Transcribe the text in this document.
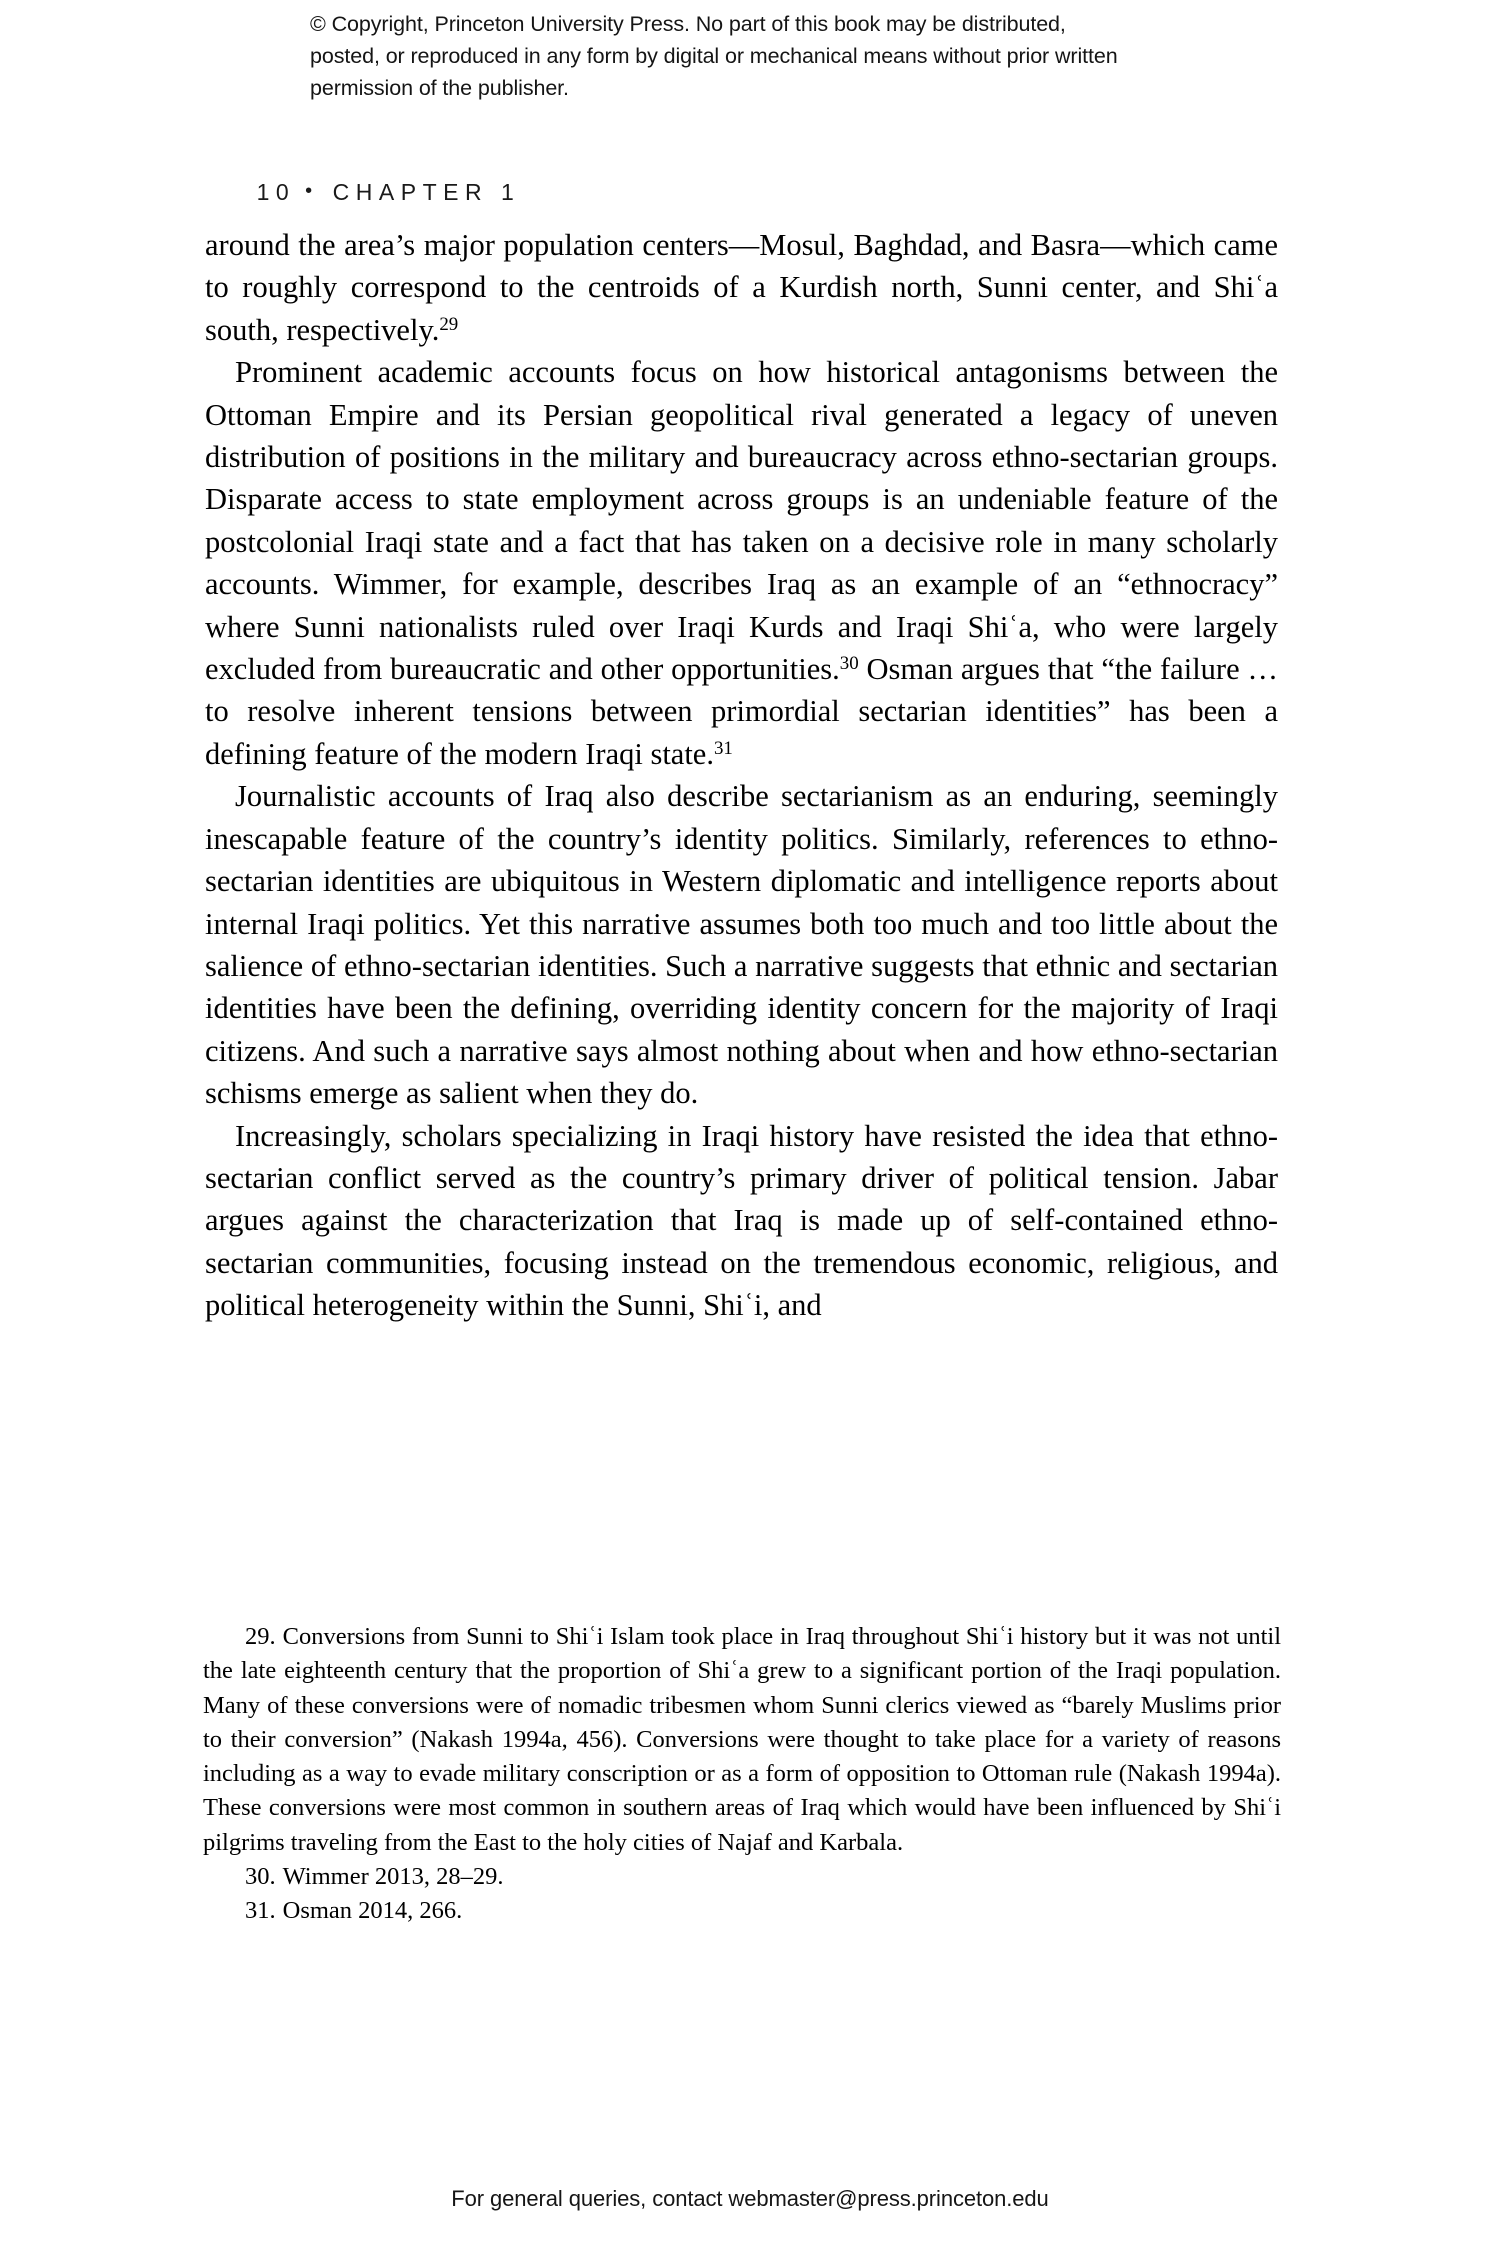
© Copyright, Princeton University Press. No part of this book may be distributed, posted, or reproduced in any form by digital or mechanical means without prior written permission of the publisher.

10 • CHAPTER 1

around the area’s major population centers—Mosul, Baghdad, and Basra—which came to roughly correspond to the centroids of a Kurdish north, Sunni center, and Shiʿa south, respectively.$^{29}$

Prominent academic accounts focus on how historical antagonisms between the Ottoman Empire and its Persian geopolitical rival generated a legacy of uneven distribution of positions in the military and bureaucracy across ethno-sectarian groups. Disparate access to state employment across groups is an undeniable feature of the postcolonial Iraqi state and a fact that has taken on a decisive role in many scholarly accounts. Wimmer, for example, describes Iraq as an example of an “ethnocracy” where Sunni nationalists ruled over Iraqi Kurds and Iraqi Shiʿa, who were largely excluded from bureaucratic and other opportunities.$^{30}$ Osman argues that “the failure … to resolve inherent tensions between primordial sectarian identities” has been a defining feature of the modern Iraqi state.$^{31}$

Journalistic accounts of Iraq also describe sectarianism as an enduring, seemingly inescapable feature of the country’s identity politics. Similarly, references to ethno-sectarian identities are ubiquitous in Western diplomatic and intelligence reports about internal Iraqi politics. Yet this narrative assumes both too much and too little about the salience of ethno-sectarian identities. Such a narrative suggests that ethnic and sectarian identities have been the defining, overriding identity concern for the majority of Iraqi citizens. And such a narrative says almost nothing about when and how ethno-sectarian schisms emerge as salient when they do.

Increasingly, scholars specializing in Iraqi history have resisted the idea that ethno-sectarian conflict served as the country’s primary driver of political tension. Jabar argues against the characterization that Iraq is made up of self-contained ethno-sectarian communities, focusing instead on the tremendous economic, religious, and political heterogeneity within the Sunni, Shiʿi, and

29. Conversions from Sunni to Shiʿi Islam took place in Iraq throughout Shiʿi history but it was not until the late eighteenth century that the proportion of Shiʿa grew to a significant portion of the Iraqi population. Many of these conversions were of nomadic tribesmen whom Sunni clerics viewed as “barely Muslims prior to their conversion” (Nakash 1994a, 456). Conversions were thought to take place for a variety of reasons including as a way to evade military conscription or as a form of opposition to Ottoman rule (Nakash 1994a). These conversions were most common in southern areas of Iraq which would have been influenced by Shiʿi pilgrims traveling from the East to the holy cities of Najaf and Karbala.

30. Wimmer 2013, 28–29.

31. Osman 2014, 266.

For general queries, contact webmaster@press.princeton.edu
